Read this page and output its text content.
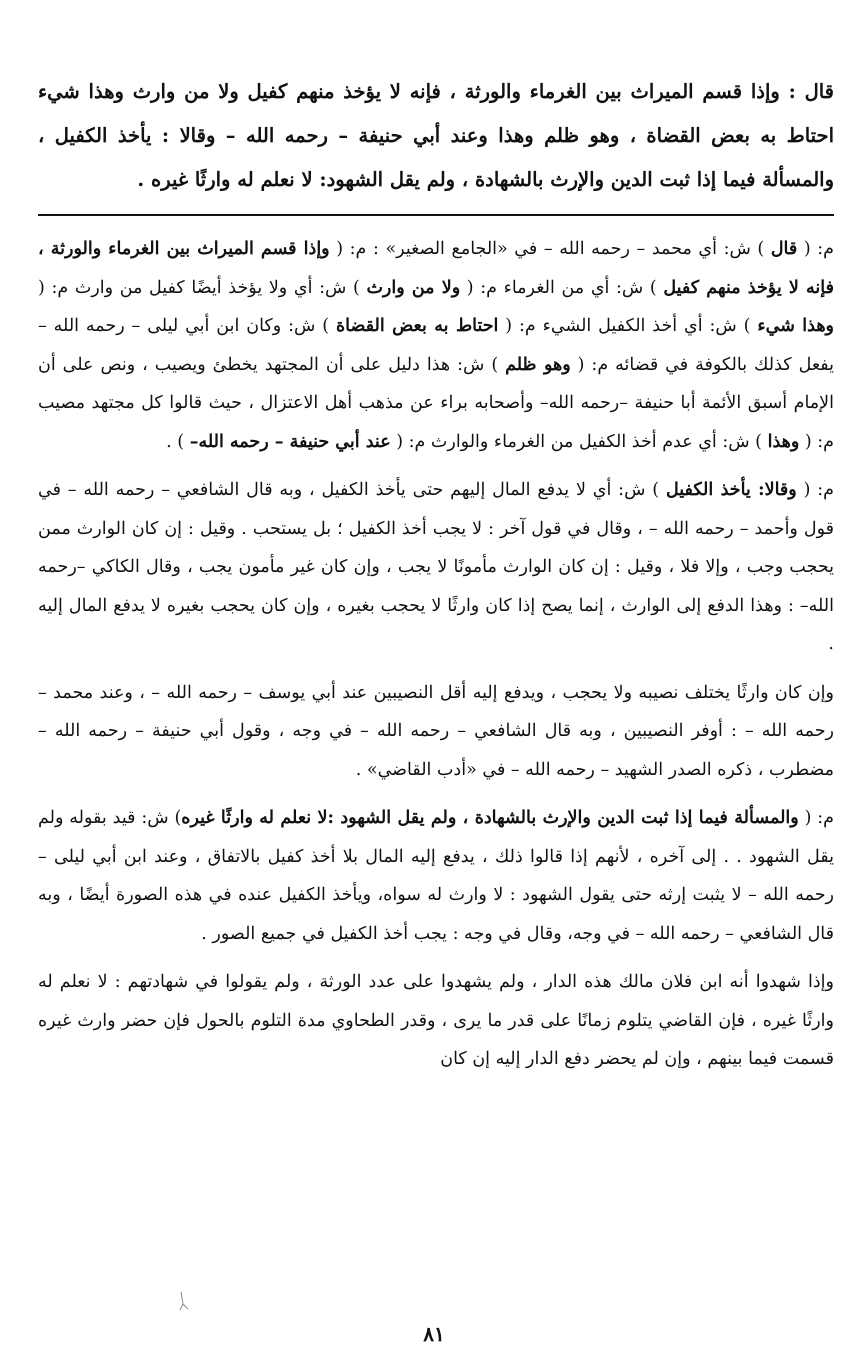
قال : وإذا قسم الميراث بين الغرماء والورثة ، فإنه لا يؤخذ منهم كفيل ولا من وارث وهذا شيء احتاط به بعض القضاة ، وهو ظلم وهذا وعند أبي حنيفة – رحمه الله – وقالا : يأخذ الكفيل ، والمسألة فيما إذا ثبت الدين والإرث بالشهادة ، ولم يقل الشهود: لا نعلم له وارثًا غيره .

م: ( قال ) ش: أي محمد – رحمه الله – في «الجامع الصغير» : م: ( وإذا قسم الميراث بين الغرماء والورثة ، فإنه لا يؤخذ منهم كفيل ) ش: أي من الغرماء م: ( ولا من وارث ) ش: أي ولا يؤخذ أيضًا كفيل من وارث م: ( وهذا شيء ) ش: أي أخذ الكفيل الشيء م: ( احتاط به بعض القضاة ) ش: وكان ابن أبي ليلى – رحمه الله – يفعل كذلك بالكوفة في قضائه م: ( وهو ظلم ) ش: هذا دليل على أن المجتهد يخطئ ويصيب ، ونص على أن الإمام أسبق الأئمة أبا حنيفة –رحمه الله– وأصحابه براء عن مذهب أهل الاعتزال ، حيث قالوا كل مجتهد مصيب م: ( وهذا ) ش: أي عدم أخذ الكفيل من الغرماء والوارث م: ( عند أبي حنيفة – رحمه الله– ) .

م: ( وقالا: يأخذ الكفيل ) ش: أي لا يدفع المال إليهم حتى يأخذ الكفيل ، وبه قال الشافعي – رحمه الله – في قول وأحمد – رحمه الله – ، وقال في قول آخر : لا يجب أخذ الكفيل ؛ بل يستحب . وقيل : إن كان الوارث ممن يحجب وجب ، وإلا فلا ، وقيل : إن كان الوارث مأمونًا لا يجب ، وإن كان غير مأمون يجب ، وقال الكاكي –رحمه الله– : وهذا الدفع إلى الوارث ، إنما يصح إذا كان وارثًا لا يحجب بغيره ، وإن كان يحجب بغيره لا يدفع المال إليه .

وإن كان وارثًا يختلف نصيبه ولا يحجب ، ويدفع إليه أقل النصيبين عند أبي يوسف – رحمه الله – ، وعند محمد – رحمه الله – : أوفر النصيبين ، وبه قال الشافعي – رحمه الله – في وجه ، وقول أبي حنيفة – رحمه الله – مضطرب ، ذكره الصدر الشهيد – رحمه الله – في «أدب القاضي» .

م: ( والمسألة فيما إذا ثبت الدين والإرث بالشهادة ، ولم يقل الشهود :لا نعلم له وارثًا غيره) ش: قيد بقوله ولم يقل الشهود . . إلى آخره ، لأنهم إذا قالوا ذلك ، يدفع إليه المال بلا أخذ كفيل بالاتفاق ، وعند ابن أبي ليلى – رحمه الله – لا يثبت إرثه حتى يقول الشهود : لا وارث له سواه، ويأخذ الكفيل عنده في هذه الصورة أيضًا ، وبه قال الشافعي – رحمه الله – في وجه، وقال في وجه : يجب أخذ الكفيل في جميع الصور .

وإذا شهدوا أنه ابن فلان مالك هذه الدار ، ولم يشهدوا على عدد الورثة ، ولم يقولوا في شهادتهم : لا نعلم له وارثًا غيره ، فإن القاضي يتلوم زمانًا على قدر ما يرى ، وقدر الطحاوي مدة التلوم بالحول فإن حضر وارث غيره قسمت فيما بينهم ، وإن لم يحضر دفع الدار إليه إن كان

٨١
